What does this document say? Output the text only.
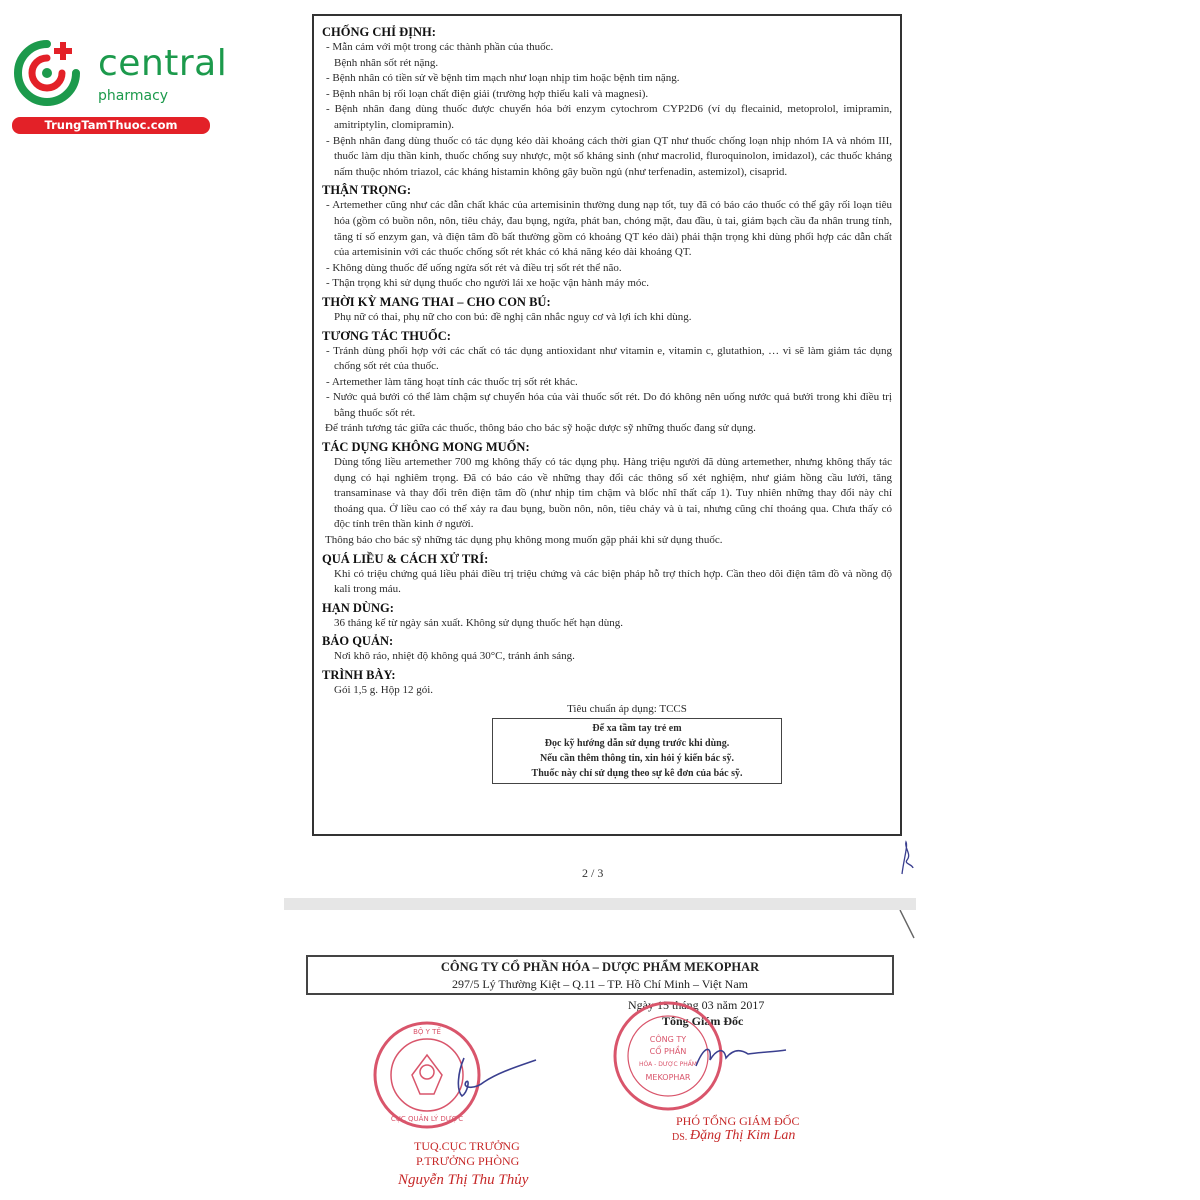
central
pharmacy
TrungTamThuoc.com
CHỐNG CHỈ ĐỊNH:
- Mẫn cảm với một trong các thành phần của thuốc.
Bệnh nhân sốt rét nặng.
- Bệnh nhân có tiền sử về bệnh tim mạch như loạn nhịp tim hoặc bệnh tim nặng.
- Bệnh nhân bị rối loạn chất điện giải (trường hợp thiếu kali và magnesi).
- Bệnh nhân đang dùng thuốc được chuyển hóa bởi enzym cytochrom CYP2D6 (ví dụ flecainid, metoprolol, imipramin, amitriptylin, clomipramin).
- Bệnh nhân đang dùng thuốc có tác dụng kéo dài khoảng cách thời gian QT như thuốc chống loạn nhịp nhóm IA và nhóm III, thuốc làm dịu thần kinh, thuốc chống suy nhược, một số kháng sinh (như macrolid, fluroquinolon, imidazol), các thuốc kháng nấm thuộc nhóm triazol, các kháng histamin không gây buồn ngủ (như terfenadin, astemizol), cisaprid.
THẬN TRỌNG:
- Artemether cũng như các dẫn chất khác của artemisinin thường dung nạp tốt, tuy đã có báo cáo thuốc có thể gây rối loạn tiêu hóa (gồm có buồn nôn, nôn, tiêu chảy, đau bụng, ngứa, phát ban, chóng mặt, đau đầu, ù tai, giảm bạch cầu đa nhân trung tính, tăng tỉ số enzym gan, và điện tâm đồ bất thường gồm có khoảng QT kéo dài) phải thận trọng khi dùng phối hợp các dẫn chất của artemisinin với các thuốc chống sốt rét khác có khả năng kéo dài khoảng QT.
- Không dùng thuốc để uống ngừa sốt rét và điều trị sốt rét thể não.
- Thận trọng khi sử dụng thuốc cho người lái xe hoặc vận hành máy móc.
THỜI KỲ MANG THAI – CHO CON BÚ:
Phụ nữ có thai, phụ nữ cho con bú: đề nghị cân nhắc nguy cơ và lợi ích khi dùng.
TƯƠNG TÁC THUỐC:
- Tránh dùng phối hợp với các chất có tác dụng antioxidant như vitamin e, vitamin c, glutathion, … vì sẽ làm giảm tác dụng chống sốt rét của thuốc.
- Artemether làm tăng hoạt tính các thuốc trị sốt rét khác.
- Nước quả bưởi có thể làm chậm sự chuyển hóa của vài thuốc sốt rét. Do đó không nên uống nước quả bưởi trong khi điều trị bằng thuốc sốt rét.
Để tránh tương tác giữa các thuốc, thông báo cho bác sỹ hoặc dược sỹ những thuốc đang sử dụng.
TÁC DỤNG KHÔNG MONG MUỐN:
Dùng tổng liều artemether 700 mg không thấy có tác dụng phụ. Hàng triệu người đã dùng artemether, nhưng không thấy tác dụng có hại nghiêm trọng. Đã có báo cáo về những thay đổi các thông số xét nghiệm, như giảm hồng cầu lưới, tăng transaminase và thay đổi trên điện tâm đồ (như nhịp tim chậm và blốc nhĩ thất cấp 1). Tuy nhiên những thay đổi này chỉ thoáng qua. Ở liều cao có thể xảy ra đau bụng, buồn nôn, nôn, tiêu chảy và ù tai, nhưng cũng chỉ thoáng qua. Chưa thấy có độc tính trên thần kinh ở người.
Thông báo cho bác sỹ những tác dụng phụ không mong muốn gặp phải khi sử dụng thuốc.
QUÁ LIỀU & CÁCH XỬ TRÍ:
Khi có triệu chứng quá liều phải điều trị triệu chứng và các biện pháp hỗ trợ thích hợp. Cần theo dõi điện tâm đồ và nồng độ kali trong máu.
HẠN DÙNG:
36 tháng kể từ ngày sản xuất. Không sử dụng thuốc hết hạn dùng.
BẢO QUẢN:
Nơi khô ráo, nhiệt độ không quá 30°C, tránh ánh sáng.
TRÌNH BÀY:
Gói 1,5 g. Hộp 12 gói.
Tiêu chuẩn áp dụng: TCCS
Để xa tầm tay trẻ em
Đọc kỹ hướng dẫn sử dụng trước khi dùng.
Nếu cần thêm thông tin, xin hỏi ý kiến bác sỹ.
Thuốc này chỉ sử dụng theo sự kê đơn của bác sỹ.
2 / 3
CÔNG TY CỔ PHẦN HÓA – DƯỢC PHẨM MEKOPHAR
297/5 Lý Thường Kiệt – Q.11 – TP. Hồ Chí Minh – Việt Nam
Ngày 15 tháng 03 năm 2017
Tổng Giám Đốc
BỘ Y TẾ
CỤC QUẢN LÝ DƯỢC
TUQ.CỤC TRƯỞNG
P.TRƯỞNG PHÒNG
Nguyễn Thị Thu Thủy
CÔNG TY
CỔ PHẦN
HÓA - DƯỢC PHẨM
MEKOPHAR
PHÓ TỔNG GIÁM ĐỐC
DS. Đặng Thị Kim Lan
